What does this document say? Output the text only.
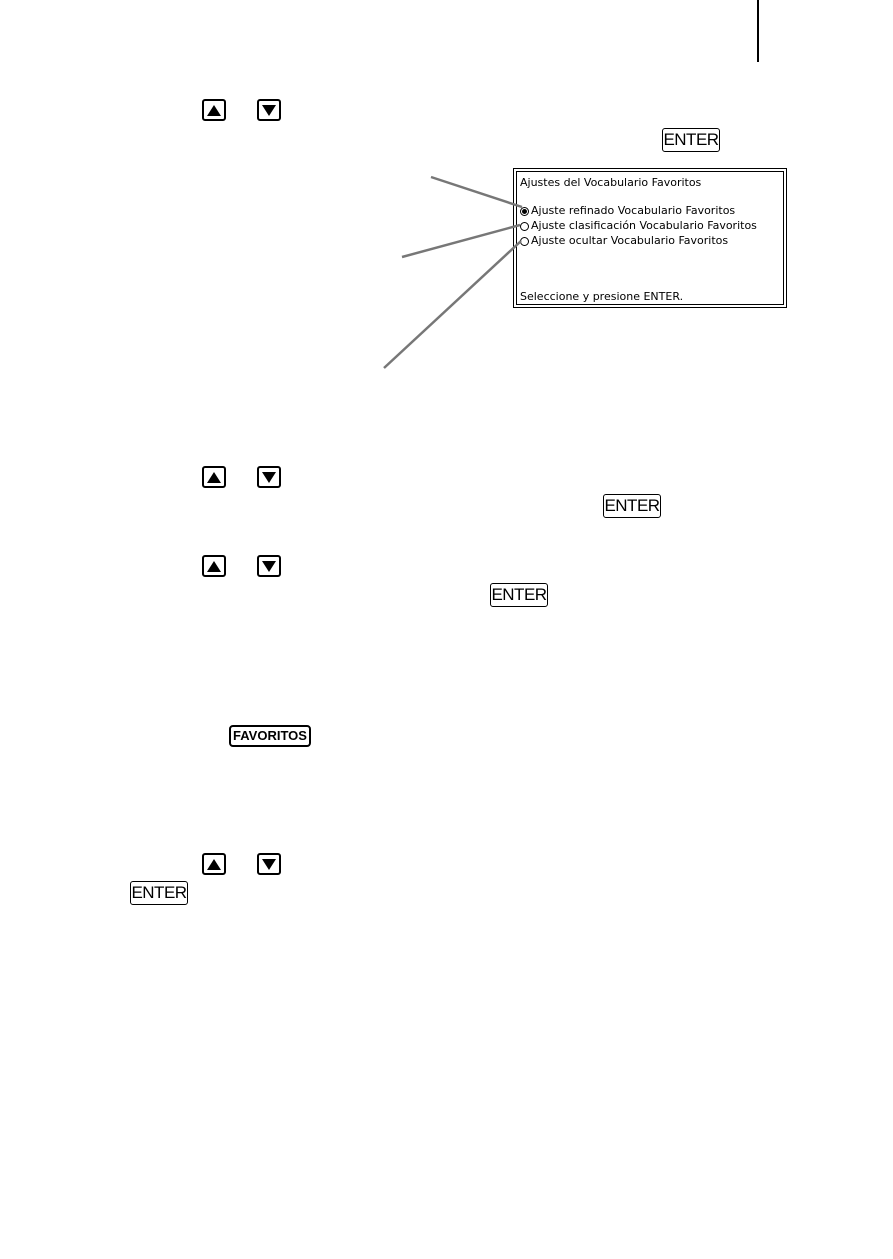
ENTER
Ajustes del Vocabulario Favoritos
Ajuste refinado Vocabulario Favoritos
Ajuste clasificación Vocabulario Favoritos
Ajuste ocultar Vocabulario Favoritos
Seleccione y presione ENTER.
ENTER
ENTER
FAVORITOS
ENTER
